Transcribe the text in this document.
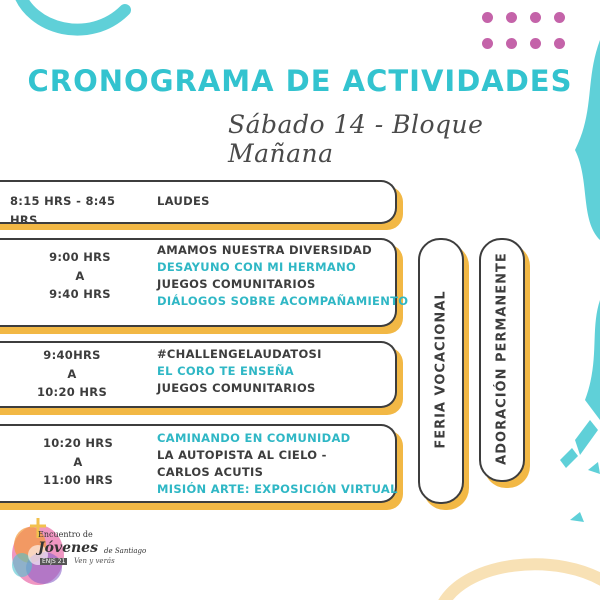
CRONOGRAMA DE ACTIVIDADES
Sábado 14 - Bloque Mañana
8:15 HRS - 8:45 HRS
LAUDES
9:00 HRS
A
9:40 HRS
AMAMOS NUESTRA DIVERSIDAD
DESAYUNO CON MI HERMANO
JUEGOS COMUNITARIOS
DIÁLOGOS SOBRE ACOMPAÑAMIENTO
9:40HRS
A
10:20 HRS
#CHALLENGELAUDATOSI
EL CORO TE ENSEÑA
JUEGOS COMUNITARIOS
10:20 HRS
A
11:00 HRS
CAMINANDO EN COMUNIDAD
LA AUTOPISTA AL CIELO -
CARLOS ACUTIS
MISIÓN ARTE: EXPOSICIÓN VIRTUAL
FERIA VOCACIONAL	ADORACIÓN PERMANENTE
Encuentro de
Jóvenes de Santiago
ENJS 21 Ven y verás
